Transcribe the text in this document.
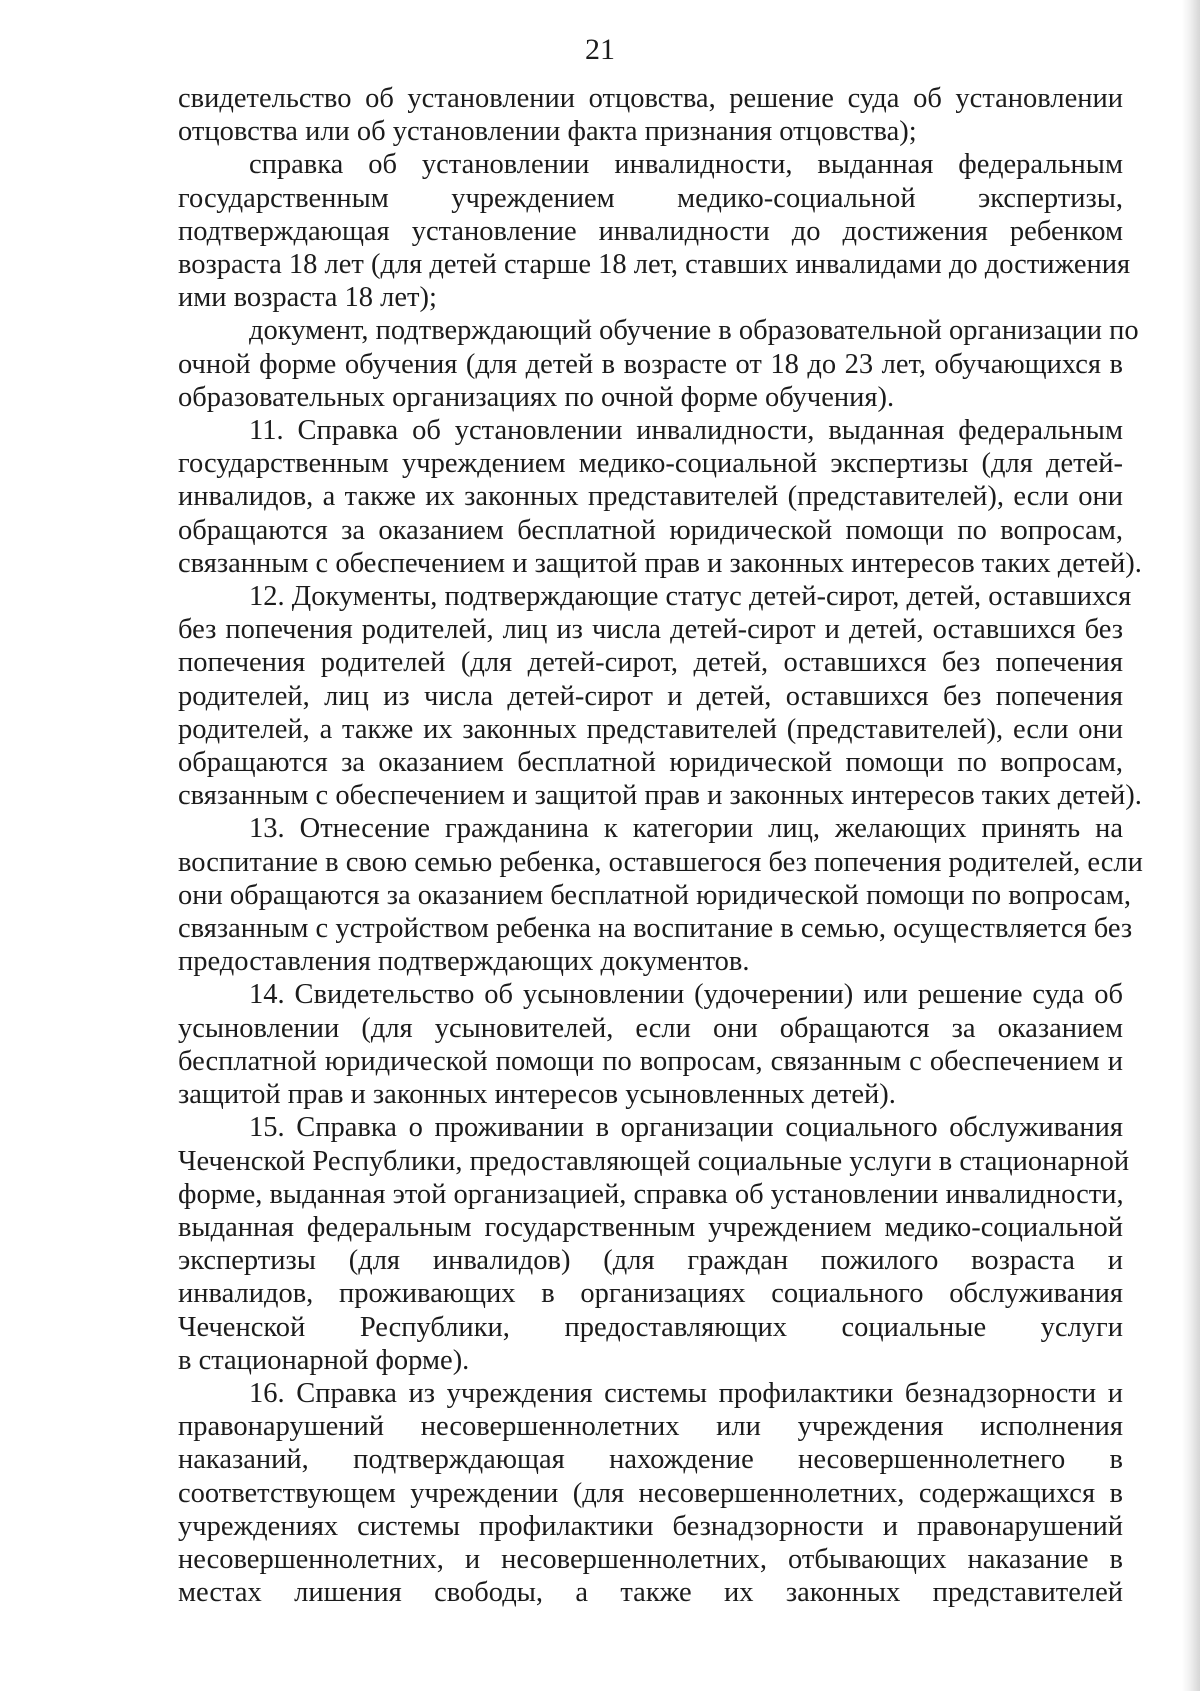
21
свидетельство об установлении отцовства, решение суда об установлении
отцовства или об установлении факта признания отцовства);
справка об установлении инвалидности, выданная федеральным
государственным учреждением медико-социальной экспертизы,
подтверждающая установление инвалидности до достижения ребенком
возраста 18 лет (для детей старше 18 лет, ставших инвалидами до достижения
ими возраста 18 лет);
документ, подтверждающий обучение в образовательной организации по
очной форме обучения (для детей в возрасте от 18 до 23 лет, обучающихся в
образовательных организациях по очной форме обучения).
11. Справка об установлении инвалидности, выданная федеральным
государственным учреждением медико-социальной экспертизы (для детей-
инвалидов, а также их законных представителей (представителей), если они
обращаются за оказанием бесплатной юридической помощи по вопросам,
связанным с обеспечением и защитой прав и законных интересов таких детей).
12. Документы, подтверждающие статус детей-сирот, детей, оставшихся
без попечения родителей, лиц из числа детей-сирот и детей, оставшихся без
попечения родителей (для детей-сирот, детей, оставшихся без попечения
родителей, лиц из числа детей-сирот и детей, оставшихся без попечения
родителей, а также их законных представителей (представителей), если они
обращаются за оказанием бесплатной юридической помощи по вопросам,
связанным с обеспечением и защитой прав и законных интересов таких детей).
13. Отнесение гражданина к категории лиц, желающих принять на
воспитание в свою семью ребенка, оставшегося без попечения родителей, если
они обращаются за оказанием бесплатной юридической помощи по вопросам,
связанным с устройством ребенка на воспитание в семью, осуществляется без
предоставления подтверждающих документов.
14. Свидетельство об усыновлении (удочерении) или решение суда об
усыновлении (для усыновителей, если они обращаются за оказанием
бесплатной юридической помощи по вопросам, связанным с обеспечением и
защитой прав и законных интересов усыновленных детей).
15. Справка о проживании в организации социального обслуживания
Чеченской Республики, предоставляющей социальные услуги в стационарной
форме, выданная этой организацией, справка об установлении инвалидности,
выданная федеральным государственным учреждением медико-социальной
экспертизы (для инвалидов) (для граждан пожилого возраста и
инвалидов, проживающих в организациях социального обслуживания
Чеченской Республики, предоставляющих социальные услуги
в стационарной форме).
16. Справка из учреждения системы профилактики безнадзорности и
правонарушений несовершеннолетних или учреждения исполнения
наказаний, подтверждающая нахождение несовершеннолетнего в
соответствующем учреждении (для несовершеннолетних, содержащихся в
учреждениях системы профилактики безнадзорности и правонарушений
несовершеннолетних, и несовершеннолетних, отбывающих наказание в
местах лишения свободы, а также их законных представителей
